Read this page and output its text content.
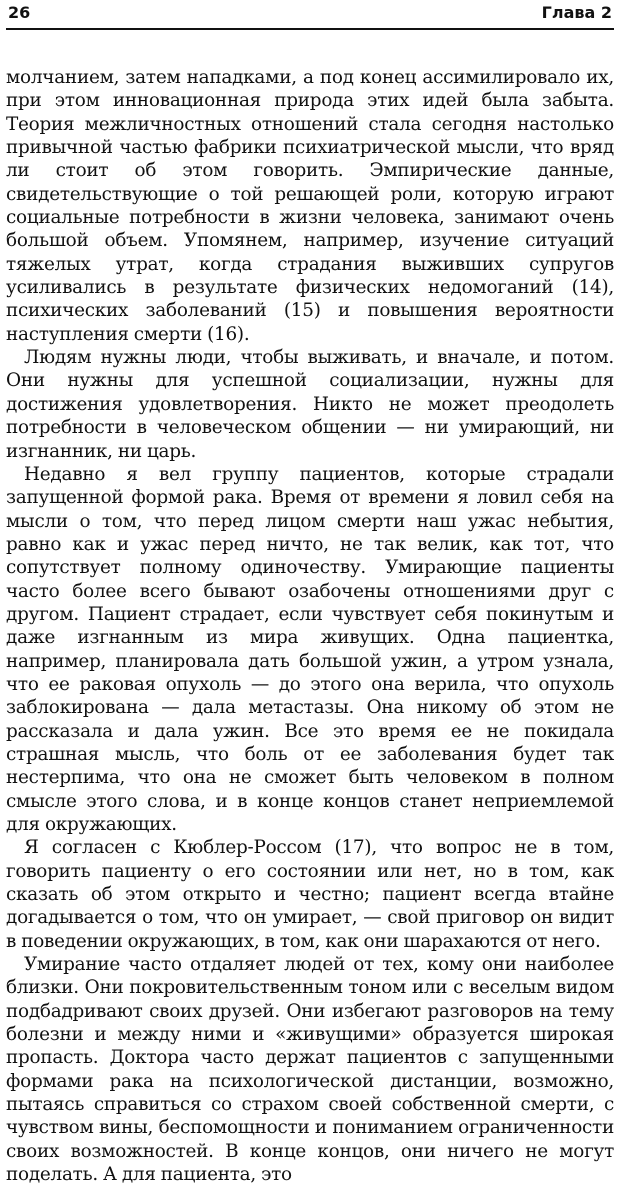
26	Глава 2

молчанием, затем нападками, а под конец ассимилировало их, при этом инновационная природа этих идей была забыта. Теория межличностных отношений стала сегодня настолько привычной частью фабрики психиатрической мысли, что вряд ли стоит об этом говорить. Эмпирические данные, свидетельствующие о той решающей роли, которую играют социальные потребности в жизни человека, занимают очень большой объем. Упомянем, например, изучение ситуаций тяжелых утрат, когда страдания выживших супругов усиливались в результате физических недомоганий (14), психических заболеваний (15) и повышения вероятности наступления смерти (16).

Людям нужны люди, чтобы выживать, и вначале, и потом. Они нужны для успешной социализации, нужны для достижения удовлетворения. Никто не может преодолеть потребности в человеческом общении — ни умирающий, ни изгнанник, ни царь.

Недавно я вел группу пациентов, которые страдали запущенной формой рака. Время от времени я ловил себя на мысли о том, что перед лицом смерти наш ужас небытия, равно как и ужас перед ничто, не так велик, как тот, что сопутствует полному одиночеству. Умирающие пациенты часто более всего бывают озабочены отношениями друг с другом. Пациент страдает, если чувствует себя покинутым и даже изгнанным из мира живущих. Одна пациентка, например, планировала дать большой ужин, а утром узнала, что ее раковая опухоль — до этого она верила, что опухоль заблокирована — дала метастазы. Она никому об этом не рассказала и дала ужин. Все это время ее не покидала страшная мысль, что боль от ее заболевания будет так нестерпима, что она не сможет быть человеком в полном смысле этого слова, и в конце концов станет неприемлемой для окружающих.

Я согласен с Кюблер-Россом (17), что вопрос не в том, говорить пациенту о его состоянии или нет, но в том, как сказать об этом открыто и честно; пациент всегда втайне догадывается о том, что он умирает, — свой приговор он видит в поведении окружающих, в том, как они шарахаются от него.

Умирание часто отдаляет людей от тех, кому они наиболее близки. Они покровительственным тоном или с веселым видом подбадривают своих друзей. Они избегают разговоров на тему болезни и между ними и «живущими» образуется широкая пропасть. Доктора часто держат пациентов с запущенными формами рака на психологической дистанции, возможно, пытаясь справиться со страхом своей собственной смерти, с чувством вины, беспомощности и пониманием ограниченности своих возможностей. В конце концов, они ничего не могут поделать. А для пациента, это
